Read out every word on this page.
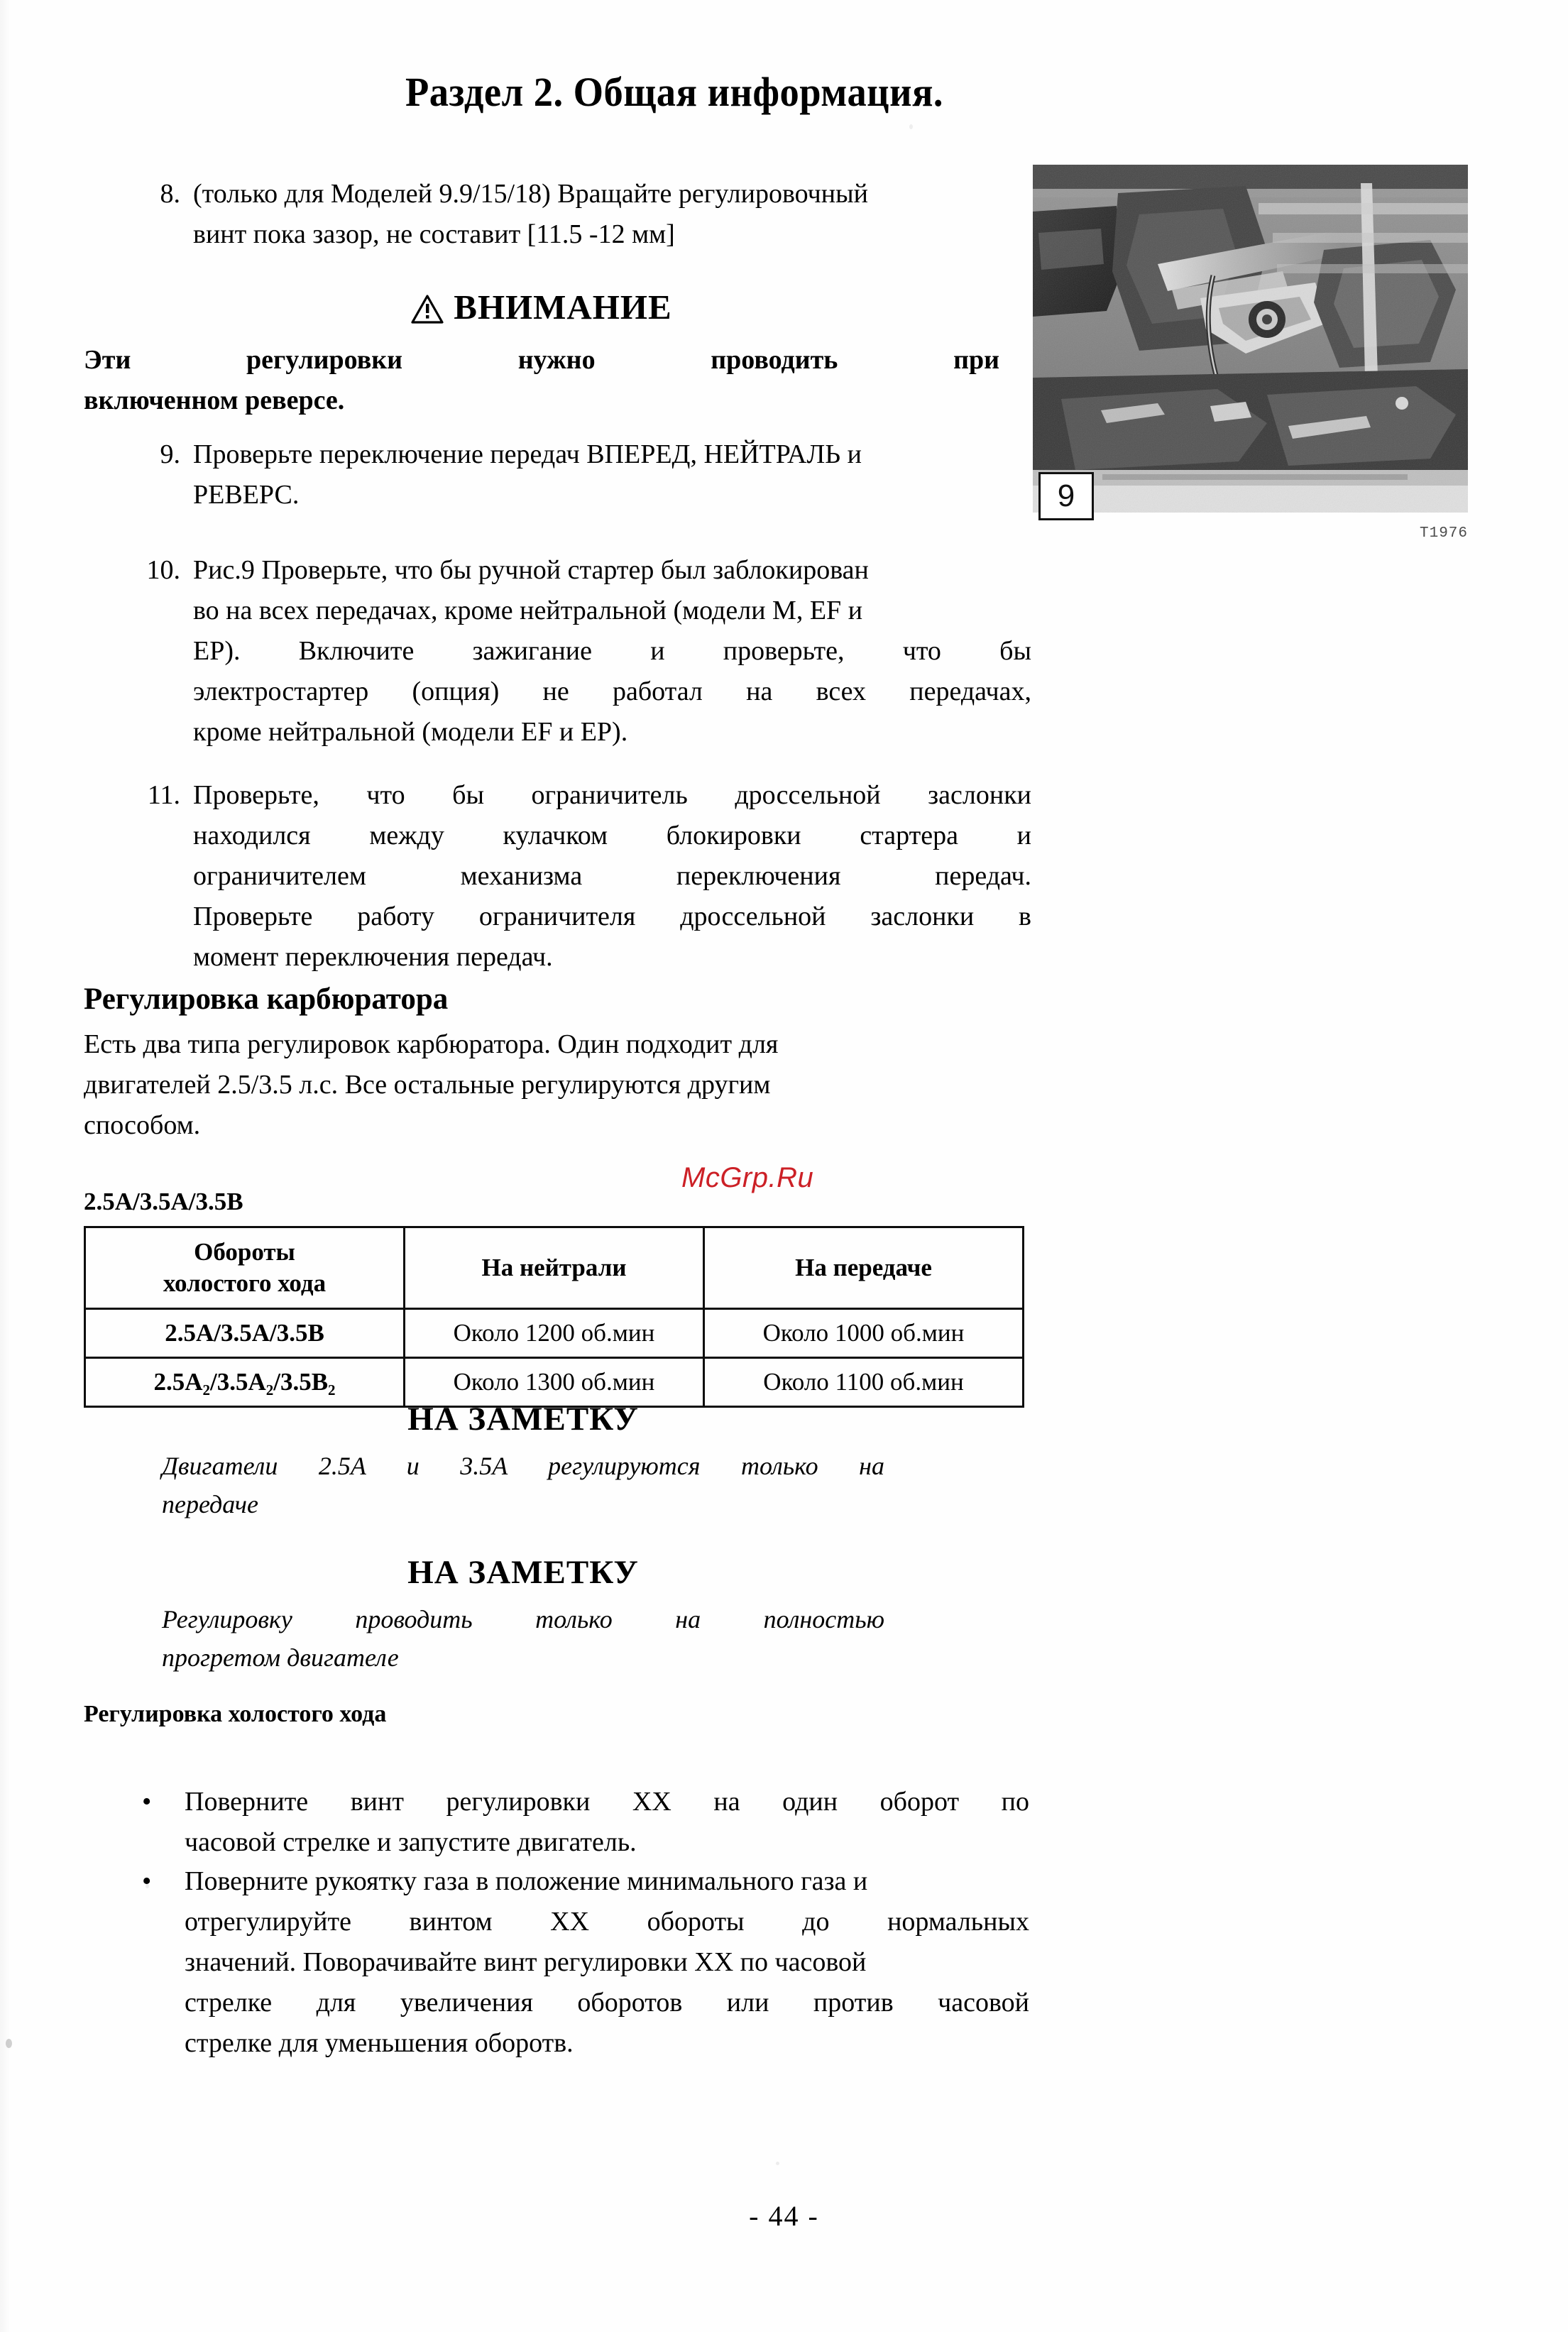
Раздел 2. Общая информация.
9
T1976
8. (только для Моделей 9.9/15/18) Вращайте регулировочный
винт пока зазор, не составит [11.5 -12 мм]
ВНИМАНИЕ
Эти регулировки нужно проводить при
включенном реверсе.
9. Проверьте переключение передач ВПЕРЕД, НЕЙТРАЛЬ и
РЕВЕРС.
10. Рис.9 Проверьте, что бы ручной стартер был заблокирован
во на всех передачах, кроме нейтральной (модели M, EF и
EP). Включите зажигание и проверьте, что бы
электростартер (опция) не работал на всех передачах,
кроме нейтральной (модели EF и EP).
11. Проверьте, что бы ограничитель дроссельной заслонки
находился между кулачком блокировки стартера и
ограничителем механизма переключения передач.
Проверьте работу ограничителя дроссельной заслонки в
момент переключения передач.
Регулировка карбюратора
Есть два типа регулировок карбюратора. Один подходит для
двигателей 2.5/3.5 л.с. Все остальные регулируются другим
способом.
McGrp.Ru
2.5A/3.5A/3.5B
Обороты
холостого хода	На нейтрали	На передаче
2.5A/3.5A/3.5B	Около 1200 об.мин	Около 1000 об.мин
2.5A₂/3.5A₂/3.5B₂	Около 1300 об.мин	Около 1100 об.мин
НА ЗАМЕТКУ
Двигатели 2.5A и 3.5A регулируются только на
передаче
НА ЗАМЕТКУ
Регулировку проводить только на полностью
прогретом двигателе
Регулировка холостого хода
•	Поверните винт регулировки ХХ на один оборот по
часовой стрелке и запустите двигатель.
•	Поверните рукоятку газа в положение минимального газа и
отрегулируйте винтом ХХ обороты до нормальных
значений. Поворачивайте винт регулировки ХХ по часовой
стрелке для увеличения оборотов или против часовой
стрелке для уменьшения оборотв.
- 44 -
